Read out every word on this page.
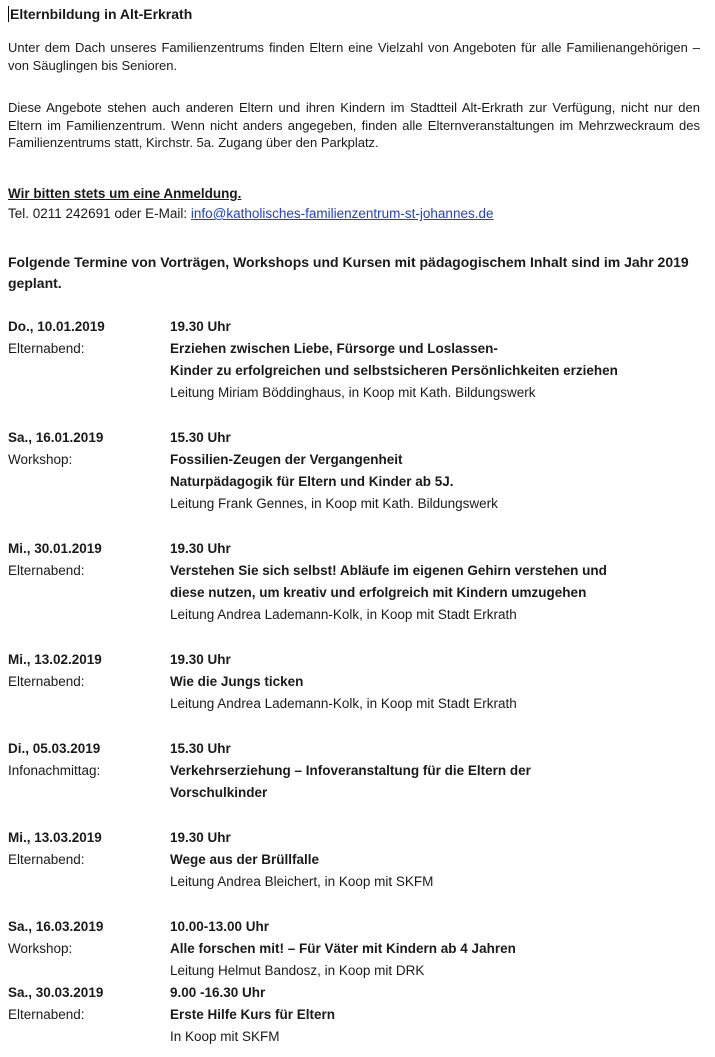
Elternbildung in Alt-Erkrath
Unter dem Dach unseres Familienzentrums finden Eltern eine Vielzahl von Angeboten für alle Familienangehörigen – von Säuglingen bis Senioren.
Diese Angebote stehen auch anderen Eltern und ihren Kindern im Stadtteil Alt-Erkrath zur Verfügung, nicht nur den Eltern im Familienzentrum. Wenn nicht anders angegeben, finden alle Elternveranstaltungen im Mehrzweckraum des Familienzentrums statt, Kirchstr. 5a. Zugang über den Parkplatz.
Wir bitten stets um eine Anmeldung.
Tel. 0211 242691 oder E-Mail: info@katholisches-familienzentrum-st-johannes.de
Folgende Termine von Vorträgen, Workshops und Kursen mit pädagogischem Inhalt sind im Jahr 2019 geplant.
Do., 10.01.2019
Elternabend:
19.30 Uhr
Erziehen zwischen Liebe, Fürsorge und Loslassen-
Kinder zu erfolgreichen und selbstsicheren Persönlichkeiten erziehen
Leitung Miriam Böddinghaus, in Koop mit Kath. Bildungswerk
Sa., 16.01.2019
Workshop:
15.30 Uhr
Fossilien-Zeugen der Vergangenheit
Naturpädagogik für Eltern und Kinder ab 5J.
Leitung Frank Gennes, in Koop mit Kath. Bildungswerk
Mi., 30.01.2019
Elternabend:
19.30 Uhr
Verstehen Sie sich selbst! Abläufe im eigenen Gehirn verstehen und
diese nutzen, um kreativ und erfolgreich mit Kindern umzugehen
Leitung Andrea Lademann-Kolk, in Koop mit Stadt Erkrath
Mi., 13.02.2019
Elternabend:
19.30 Uhr
Wie die Jungs ticken
Leitung Andrea Lademann-Kolk, in Koop mit Stadt Erkrath
Di., 05.03.2019
Infonachmittag:
15.30 Uhr
Verkehrserziehung – Infoveranstaltung für die Eltern der Vorschulkinder
Mi., 13.03.2019
Elternabend:
19.30 Uhr
Wege aus der Brüllfalle
Leitung Andrea Bleichert, in Koop mit SKFM
Sa., 16.03.2019
Workshop:
10.00-13.00 Uhr
Alle forschen mit! – Für Väter mit Kindern ab 4 Jahren
Leitung Helmut Bandosz, in Koop mit DRK
Sa., 30.03.2019
Elternabend:
9.00 -16.30 Uhr
Erste Hilfe Kurs für Eltern
In Koop mit SKFM
